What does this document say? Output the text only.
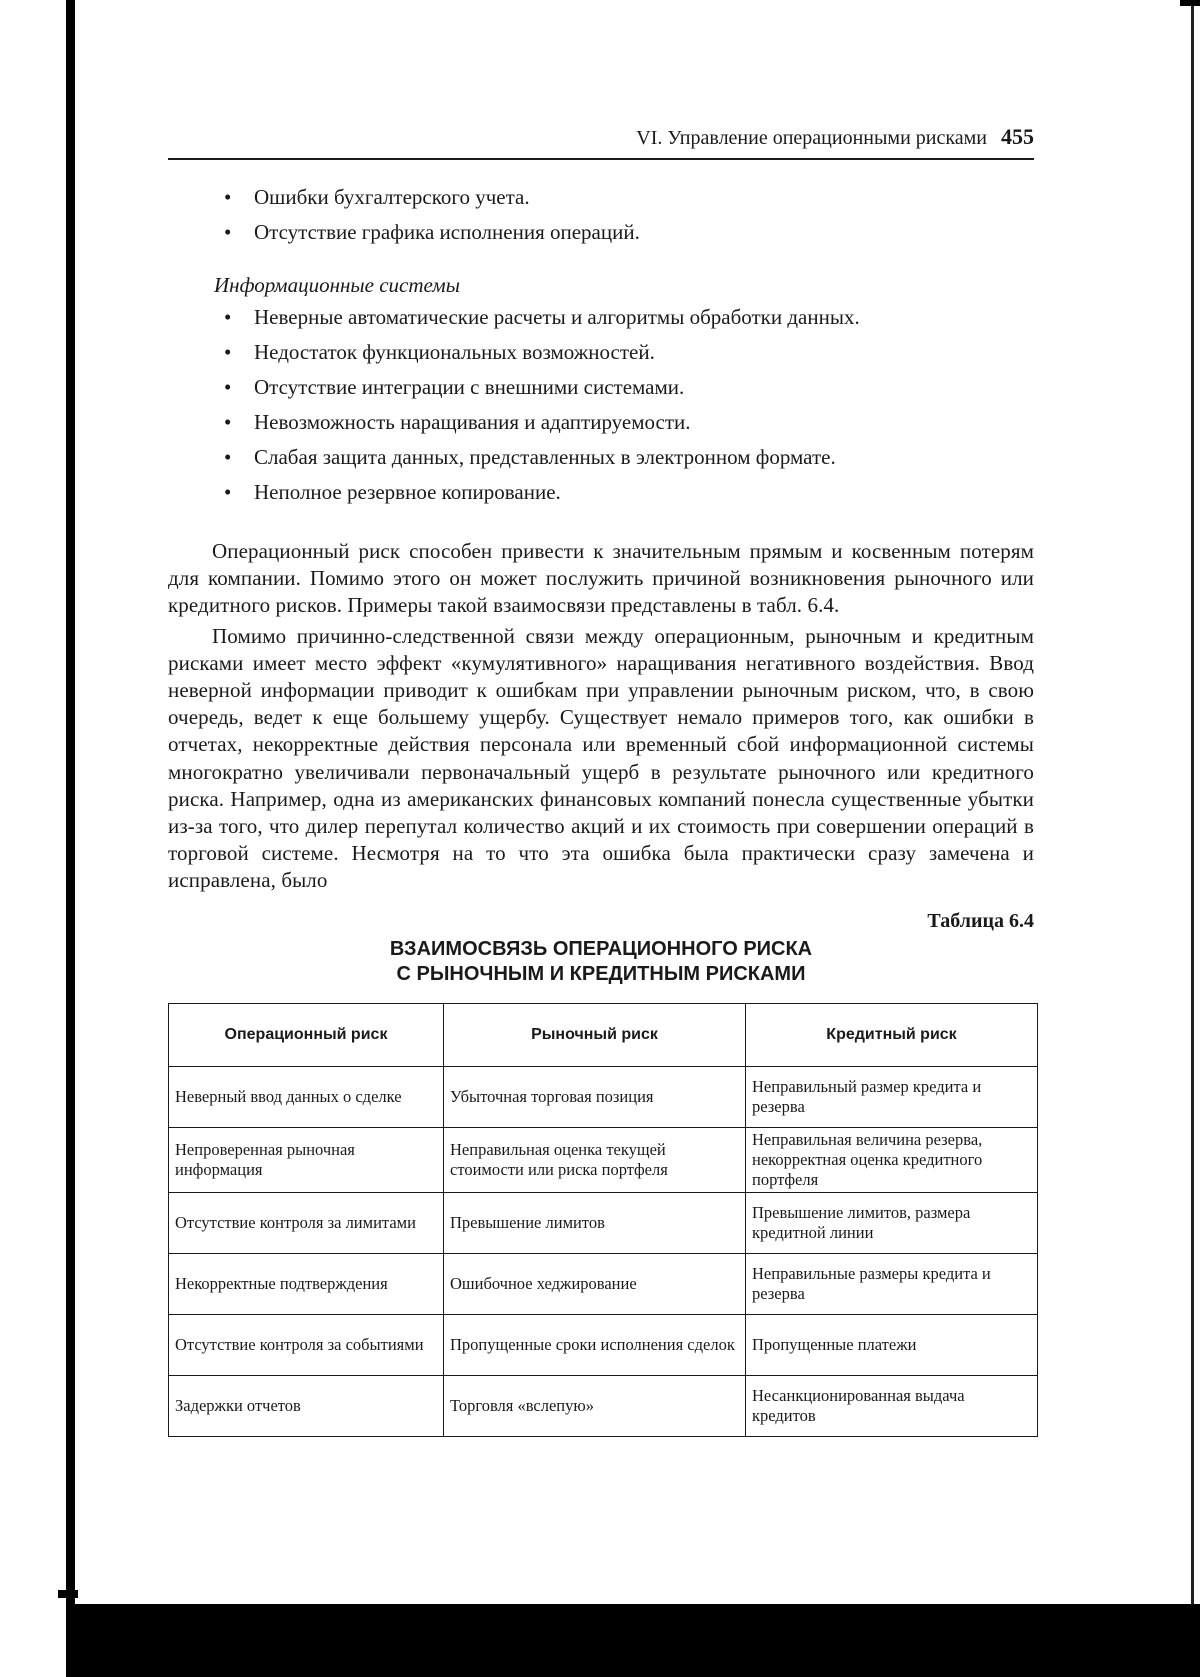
VI. Управление операционными рисками 455
• Ошибки бухгалтерского учета.
• Отсутствие графика исполнения операций.
Информационные системы
• Неверные автоматические расчеты и алгоритмы обработки данных.
• Недостаток функциональных возможностей.
• Отсутствие интеграции с внешними системами.
• Невозможность наращивания и адаптируемости.
• Слабая защита данных, представленных в электронном формате.
• Неполное резервное копирование.

Операционный риск способен привести к значительным прямым и косвенным потерям для компании. Помимо этого он может послужить причиной возникновения рыночного или кредитного рисков. Примеры такой взаимосвязи представлены в табл. 6.4.

Помимо причинно-следственной связи между операционным, рыночным и кредитным рисками имеет место эффект «кумулятивного» наращивания негативного воздействия. Ввод неверной информации приводит к ошибкам при управлении рыночным риском, что, в свою очередь, ведет к еще большему ущербу. Существует немало примеров того, как ошибки в отчетах, некорректные действия персонала или временный сбой информационной системы многократно увеличивали первоначальный ущерб в результате рыночного или кредитного риска. Например, одна из американских финансовых компаний понесла существенные убытки из-за того, что дилер перепутал количество акций и их стоимость при совершении операций в торговой системе. Несмотря на то что эта ошибка была практически сразу замечена и исправлена, было

Таблица 6.4
ВЗАИМОСВЯЗЬ ОПЕРАЦИОННОГО РИСКА
С РЫНОЧНЫМ И КРЕДИТНЫМ РИСКАМИ
Операционный риск	Рыночный риск	Кредитный риск
Неверный ввод данных о сделке	Убыточная торговая позиция	Неправильный размер кредита и резерва
Непроверенная рыночная информация	Неправильная оценка текущей стоимости или риска портфеля	Неправильная величина резерва, некорректная оценка кредитного портфеля
Отсутствие контроля за лимитами	Превышение лимитов	Превышение лимитов, размера кредитной линии
Некорректные подтверждения	Ошибочное хеджирование	Неправильные размеры кредита и резерва
Отсутствие контроля за событиями	Пропущенные сроки исполнения сделок	Пропущенные платежи
Задержки отчетов	Торговля «вслепую»	Несанкционированная выдача кредитов
